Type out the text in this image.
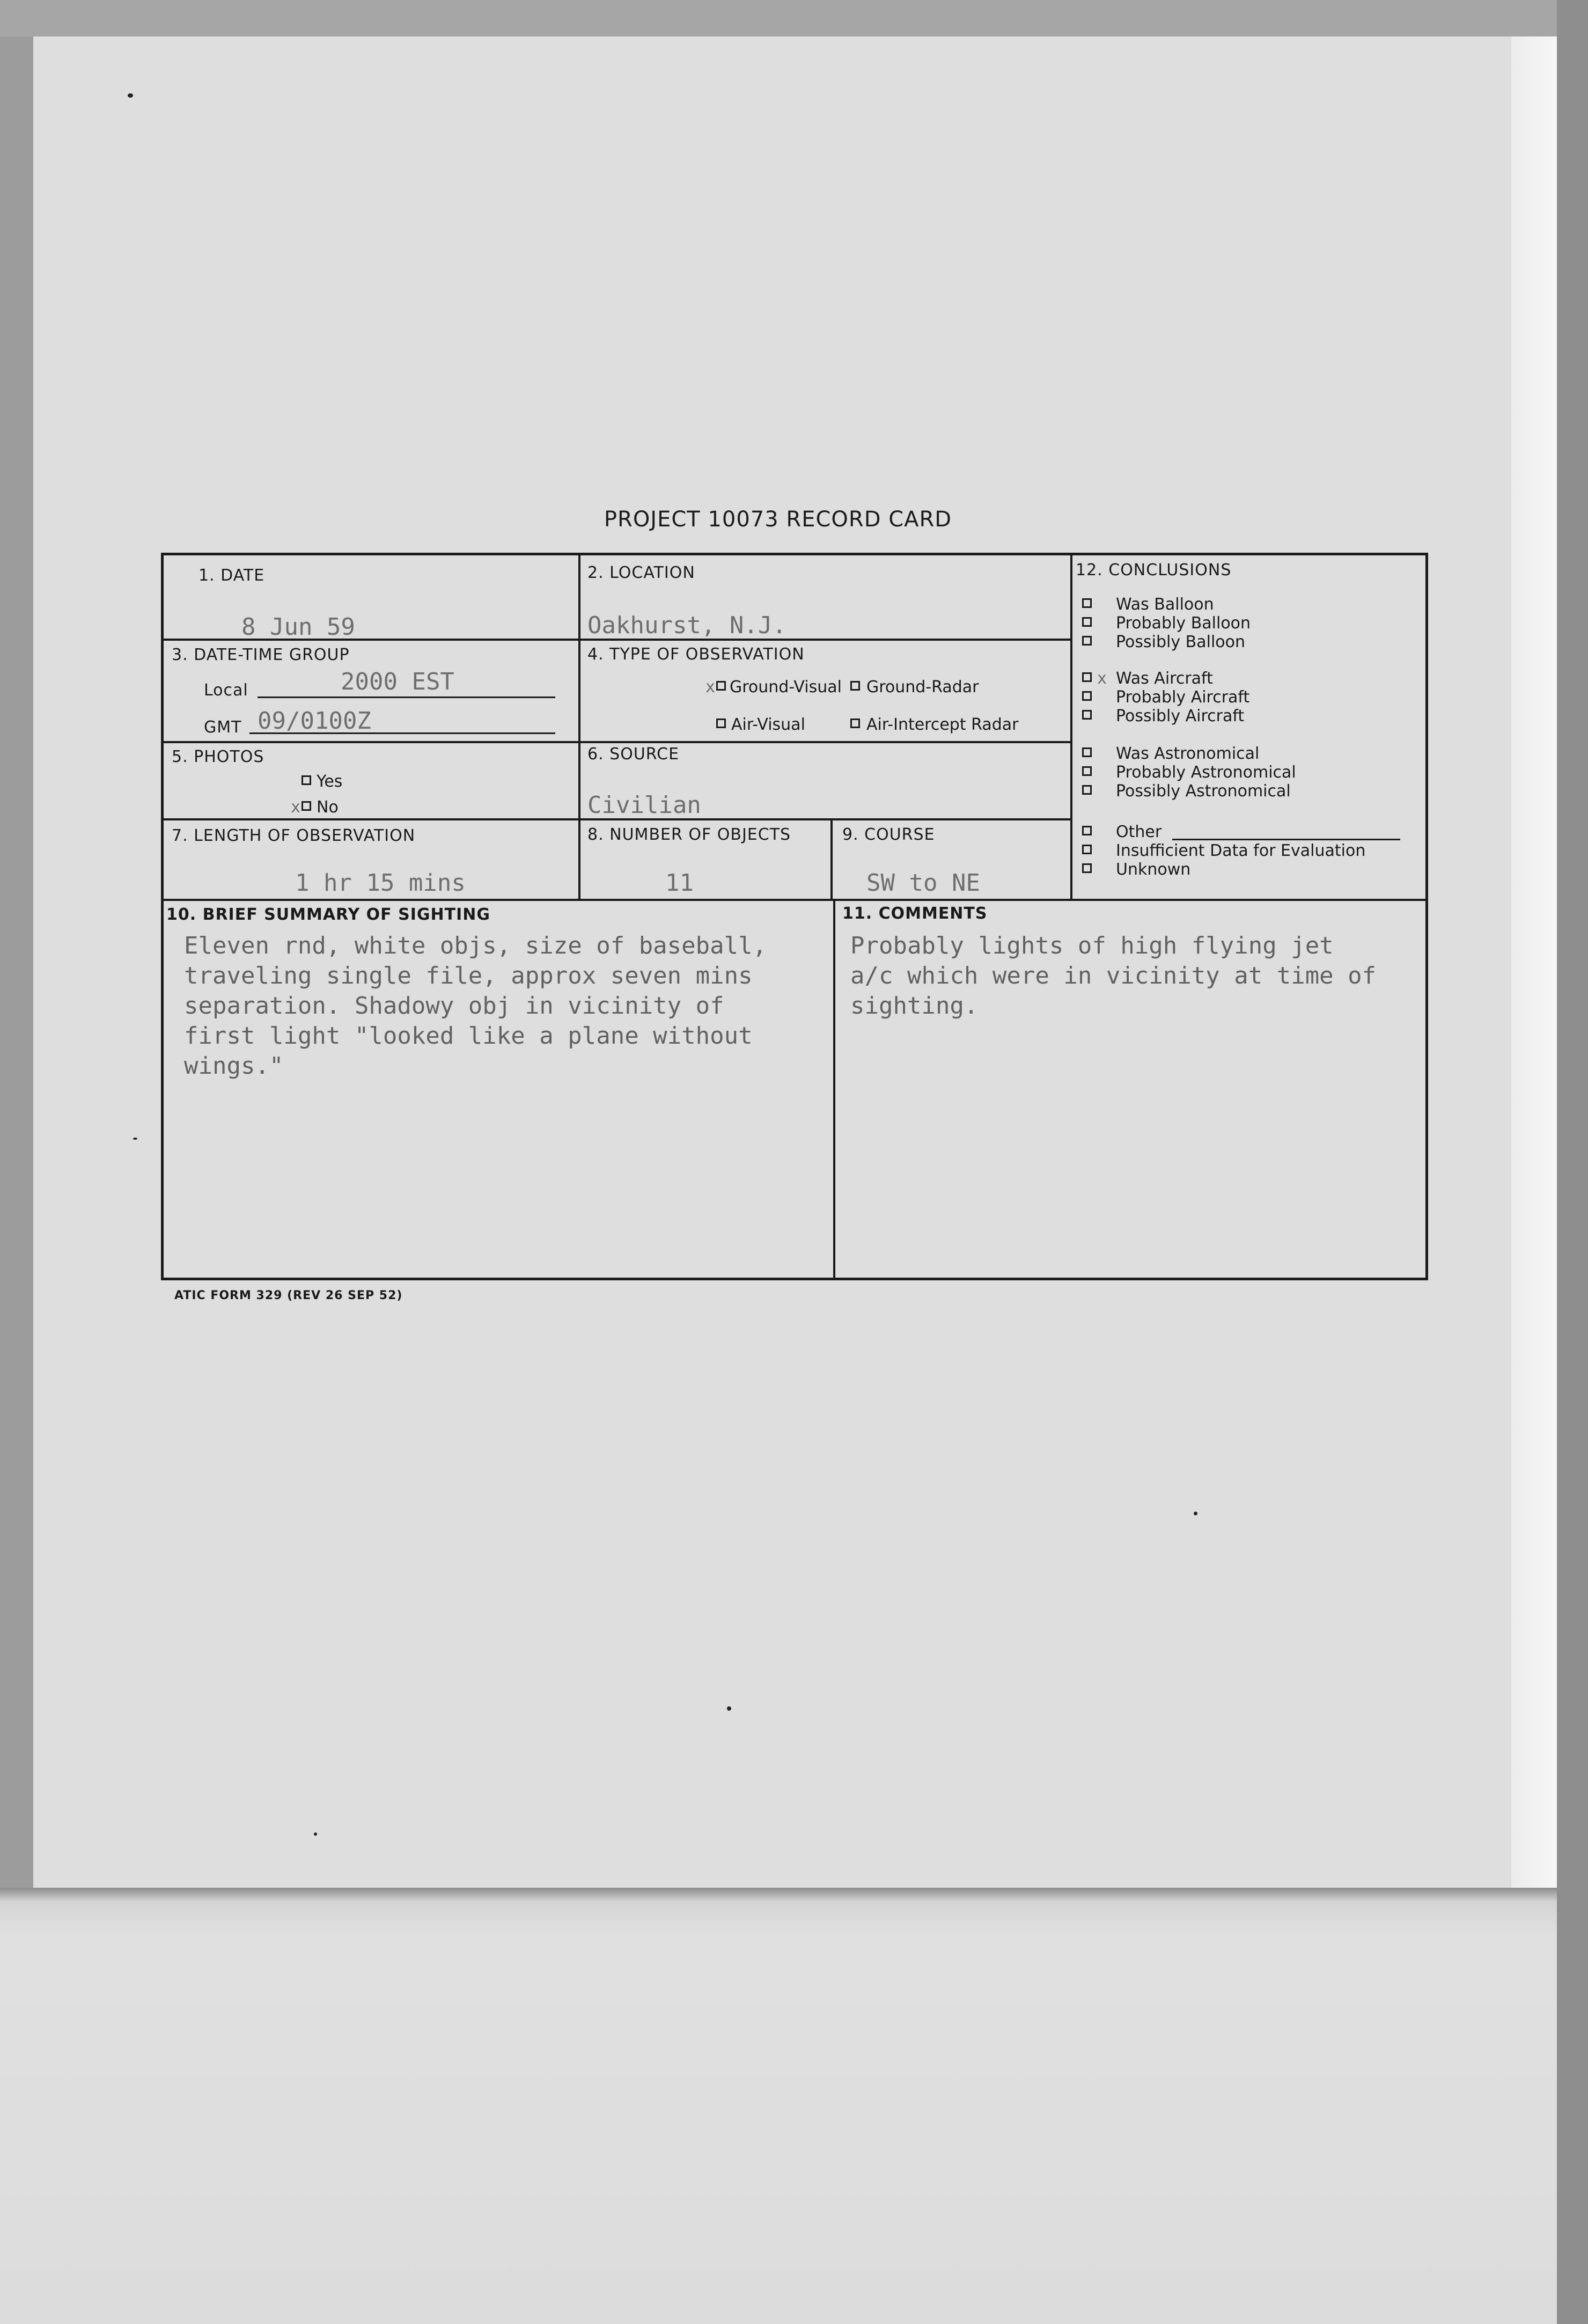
PROJECT 10073 RECORD CARD
1. DATE
8 Jun 59
2. LOCATION
Oakhurst, N.J.
3. DATE-TIME GROUP
Local	2000 EST
GMT 09/0100Z
4. TYPE OF OBSERVATION
x Ground-Visual Ground-Radar
Air-Visual	Air-Intercept Radar
5. PHOTOS
Yes
x No
6. SOURCE
Civilian
7. LENGTH OF OBSERVATION
1 hr 15 mins
8. NUMBER OF OBJECTS
11
9. COURSE
SW to NE
12. CONCLUSIONS
Was Balloon
Probably Balloon
Possibly Balloon
x Was Aircraft
Probably Aircraft
Possibly Aircraft
Was Astronomical
Probably Astronomical
Possibly Astronomical
Other
Insufficient Data for Evaluation
Unknown
10. BRIEF SUMMARY OF SIGHTING
Eleven rnd, white objs, size of baseball,
traveling single file, approx seven mins
separation. Shadowy obj in vicinity of
first light "looked like a plane without
wings."
11. COMMENTS
Probably lights of high flying jet
a/c which were in vicinity at time of
sighting.
ATIC FORM 329 (REV 26 SEP 52)
